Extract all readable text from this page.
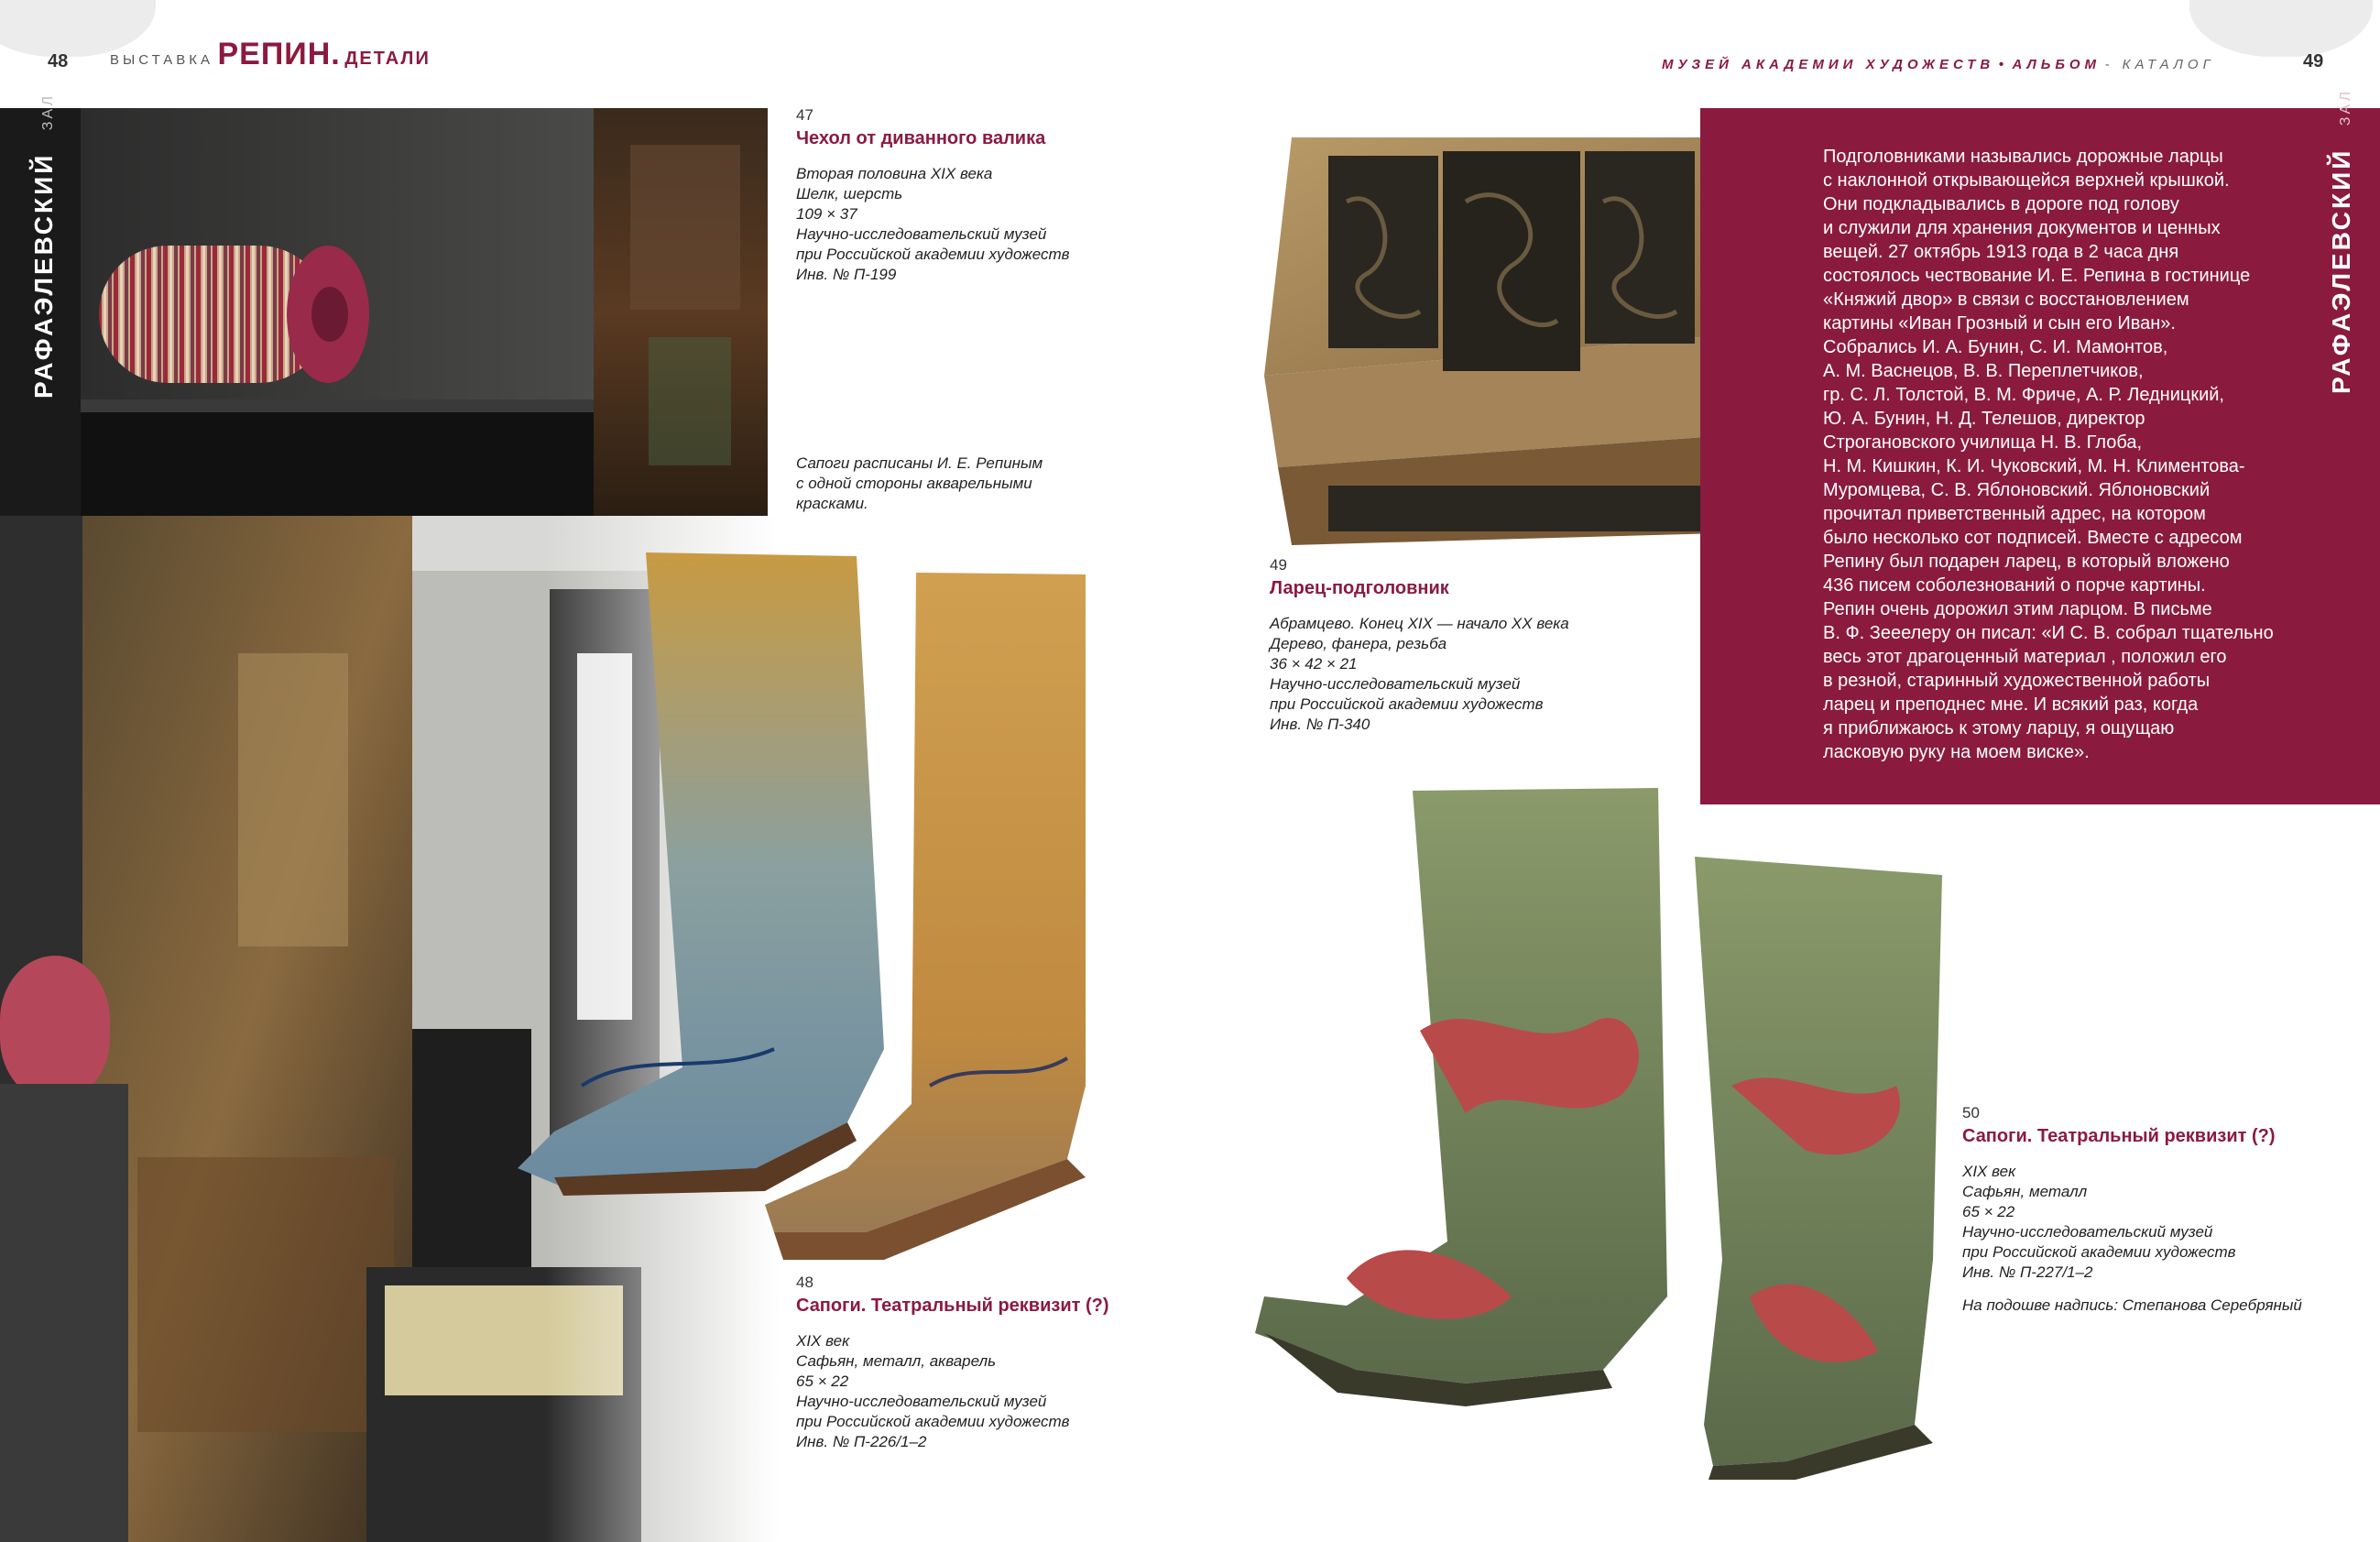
48	ВЫСТАВКА РЕПИН. ДЕТАЛИ	МУЗЕЙ АКАДЕМИИ ХУДОЖЕСТВ • АЛЬБОМ - КАТАЛОГ	49
РАФАЭЛЕВСКИЙ ЗАЛ
РАФАЭЛЕВСКИЙ ЗАЛ
47
Чехол от диванного валика
Вторая половина XIX века
Шелк, шерсть
109 × 37
Научно-исследовательский музей
при Российской академии художеств
Инв. № П-199
Сапоги расписаны И. Е. Репиным
с одной стороны акварельными
красками.
48
Сапоги. Театральный реквизит (?)
XIX век
Сафьян, металл, акварель
65 × 22
Научно-исследовательский музей
при Российской академии художеств
Инв. № П-226/1–2
49
Ларец-подголовник
Абрамцево. Конец XIX — начало XX века
Дерево, фанера, резьба
36 × 42 × 21
Научно-исследовательский музей
при Российской академии художеств
Инв. № П-340
Подголовниками назывались дорожные ларцы
с наклонной открывающейся верхней крышкой.
Они подкладывались в дороге под голову
и служили для хранения документов и ценных
вещей. 27 октябрь 1913 года в 2 часа дня
состоялось чествование И. Е. Репина в гостинице
«Княжий двор» в связи с восстановлением
картины «Иван Грозный и сын его Иван».
Собрались И. А. Бунин, С. И. Мамонтов,
А. М. Васнецов, В. В. Переплетчиков,
гр. С. Л. Толстой, В. М. Фриче, А. Р. Ледницкий,
Ю. А. Бунин, Н. Д. Телешов, директор
Строгановского училища Н. В. Глоба,
Н. М. Кишкин, К. И. Чуковский, М. Н. Климентова-
Муромцева, С. В. Яблоновский. Яблоновский
прочитал приветственный адрес, на котором
было несколько сот подписей. Вместе с адресом
Репину был подарен ларец, в который вложено
436 писем соболезнований о порче картины.
Репин очень дорожил этим ларцом. В письме
В. Ф. Зееелеру он писал: «И С. В. собрал тщательно
весь этот драгоценный материал , положил его
в резной, старинный художественной работы
ларец и преподнес мне. И всякий раз, когда
я приближаюсь к этому ларцу, я ощущаю
ласковую руку на моем виске».
50
Сапоги. Театральный реквизит (?)
XIX век
Сафьян, металл
65 × 22
Научно-исследовательский музей
при Российской академии художеств
Инв. № П-227/1–2
На подошве надпись: Степанова Серебряный
